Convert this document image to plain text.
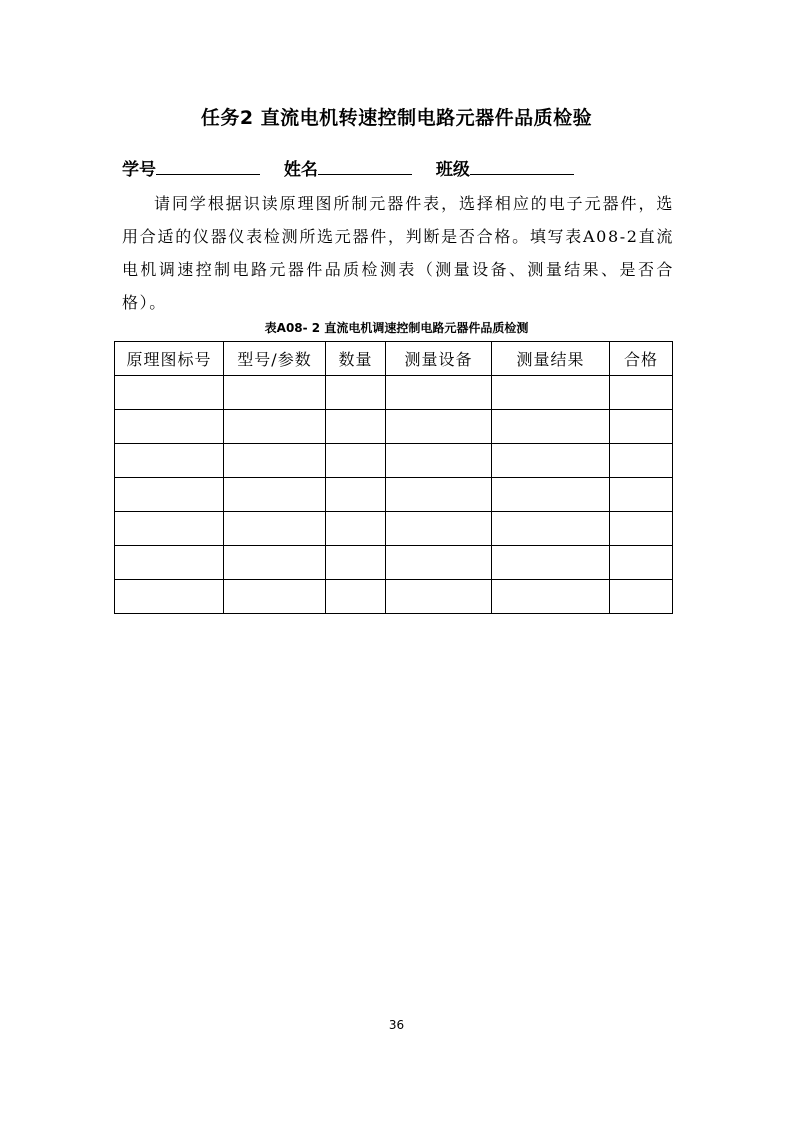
任务2 直流电机转速控制电路元器件品质检验
学号	姓名	班级
请同学根据识读原理图所制元器件表，选择相应的电子元器件，选用合适的仪器仪表检测所选元器件，判断是否合格。填写表A08-2直流电机调速控制电路元器件品质检测表（测量设备、测量结果、是否合格）。
表A08- 2 直流电机调速控制电路元器件品质检测
原理图标号	型号/参数	数量	测量设备	测量结果	合格

36
